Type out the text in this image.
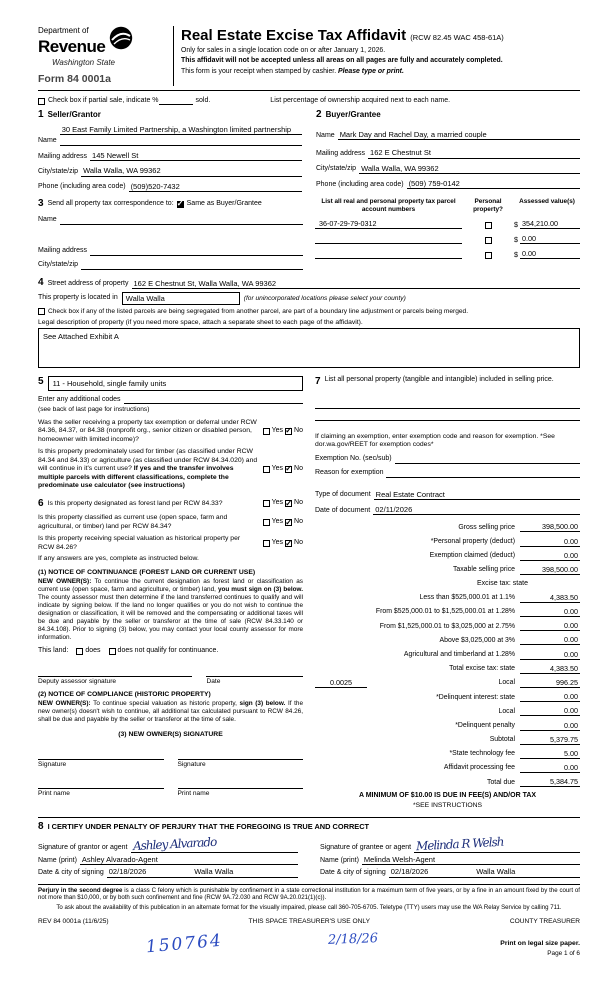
Department of
Revenue
Washington State
Form 84 0001a
Real Estate Excise Tax Affidavit (RCW 82.45 WAC 458-61A)
Only for sales in a single location code on or after January 1, 2026.
This affidavit will not be accepted unless all areas on all pages are fully and accurately completed.
This form is your receipt when stamped by cashier. Please type or print.
Check box if partial sale, indicate %	sold.	List percentage of ownership acquired next to each name.
1 Seller/Grantor
Name
30 East Family Limited Partnership, a Washington limited partnership
Mailing address 145 Newell St
City/state/zip Walla Walla, WA 99362
Phone (including area code) (509)520-7432
2 Buyer/Grantee
Name Mark Day and Rachel Day, a married couple
Mailing address 162 E Chestnut St
City/state/zip Walla Walla, WA 99362
Phone (including area code) (509) 759-0142
3 Send all property tax correspondence to: ✓ Same as Buyer/Grantee
Name
Mailing address
City/state/zip
List all real and personal property tax parcel account numbers
Personal property?
Assessed value(s)
36-07-29-79-0312	$ 354,210.00
$ 0.00
$ 0.00
4 Street address of property 162 E Chestnut St, Walla Walla, WA 99362
This property is located in	Walla Walla	(for unincorporated locations please select your county)
Check box if any of the listed parcels are being segregated from another parcel, are part of a boundary line adjustment or parcels being merged.
Legal description of property (if you need more space, attach a separate sheet to each page of the affidavit).
See Attached Exhibit A
5	11 - Household, single family units
Enter any additional codes
(see back of last page for instructions)
Was the seller receiving a property tax exemption or deferral under RCW 84.36, 84.37, or 84.38 (nonprofit org., senior citizen or disabled person, homeowner with limited income)?
Yes ✓ No
Is this property predominately used for timber (as classified under RCW 84.34 and 84.33) or agriculture (as classified under RCW 84.34.020) and will continue in it's current use? If yes and the transfer involves multiple parcels with different classifications, complete the predominate use calculator (see instructions)
Yes ✓ No
6 Is this property designated as forest land per RCW 84.33?	Yes ✓ No
Is this property classified as current use (open space, farm and agricultural, or timber) land per RCW 84.34?
Yes ✓ No
Is this property receiving special valuation as historical property per RCW 84.26?
Yes ✓ No
If any answers are yes, complete as instructed below.
(1) NOTICE OF CONTINUANCE (FOREST LAND OR CURRENT USE)
NEW OWNER(S): To continue the current designation as forest land or classification as current use (open space, farm and agriculture, or timber) land, you must sign on (3) below. The county assessor must then determine if the land transferred continues to qualify and will indicate by signing below. If the land no longer qualifies or you do not wish to continue the designation or classification, it will be removed and the compensating or additional taxes will be due and payable by the seller or transferor at the time of sale (RCW 84.33.140 or 84.34.108). Prior to signing (3) below, you may contact your local county assessor for more information.
This land: does does not qualify for continuance.
Deputy assessor signature	Date
(2) NOTICE OF COMPLIANCE (HISTORIC PROPERTY)
NEW OWNER(S): To continue special valuation as historic property, sign (3) below. If the new owner(s) doesn't wish to continue, all additional tax calculated pursuant to RCW 84.26, shall be due and payable by the seller or transferor at the time of sale.
(3) NEW OWNER(S) SIGNATURE
Signature	Signature
Print name	Print name
7 List all personal property (tangible and intangible) included in selling price.
If claiming an exemption, enter exemption code and reason for exemption. *See dor.wa.gov/REET for exemption codes*
Exemption No. (sec/sub)
Reason for exemption
Type of document Real Estate Contract
Date of document 02/11/2026
Gross selling price	398,500.00
*Personal property (deduct)	0.00
Exemption claimed (deduct)	0.00
Taxable selling price	398,500.00
Excise tax: state
Less than $525,000.01 at 1.1%	4,383.50
From $525,000.01 to $1,525,000.01 at 1.28%	0.00
From $1,525,000.01 to $3,025,000 at 2.75%	0.00
Above $3,025,000 at 3%	0.00
Agricultural and timberland at 1.28%	0.00
Total excise tax: state	4,383.50
0.0025	Local	996.25
*Delinquent interest: state	0.00
Local	0.00
*Delinquent penalty	0.00
Subtotal	5,379.75
*State technology fee	5.00
Affidavit processing fee	0.00
Total due	5,384.75
A MINIMUM OF $10.00 IS DUE IN FEE(S) AND/OR TAX
*SEE INSTRUCTIONS
8 I CERTIFY UNDER PENALTY OF PERJURY THAT THE FOREGOING IS TRUE AND CORRECT
Signature of grantor or agent Ashley Alvarado
Name (print) Ashley Alvarado-Agent
Date & city of signing 02/18/2026	Walla Walla
Signature of grantee or agent Melinda R Welsh
Name (print) Melinda Welsh-Agent
Date & city of signing 02/18/2026	Walla Walla
Perjury in the second degree is a class C felony which is punishable by confinement in a state correctional institution for a maximum term of five years, or by a fine in an amount fixed by the court of not more than $10,000, or by both such confinement and fine (RCW 9A.72.030 and RCW 9A.20.021(1)(c)).
To ask about the availability of this publication in an alternate format for the visually impaired, please call 360-705-6705. Teletype (TTY) users may use the WA Relay Service by calling 711.
REV 84 0001a (11/6/25)	THIS SPACE TREASURER'S USE ONLY	COUNTY TREASURER
150764	2/18/26	Print on legal size paper.
Page 1 of 6
